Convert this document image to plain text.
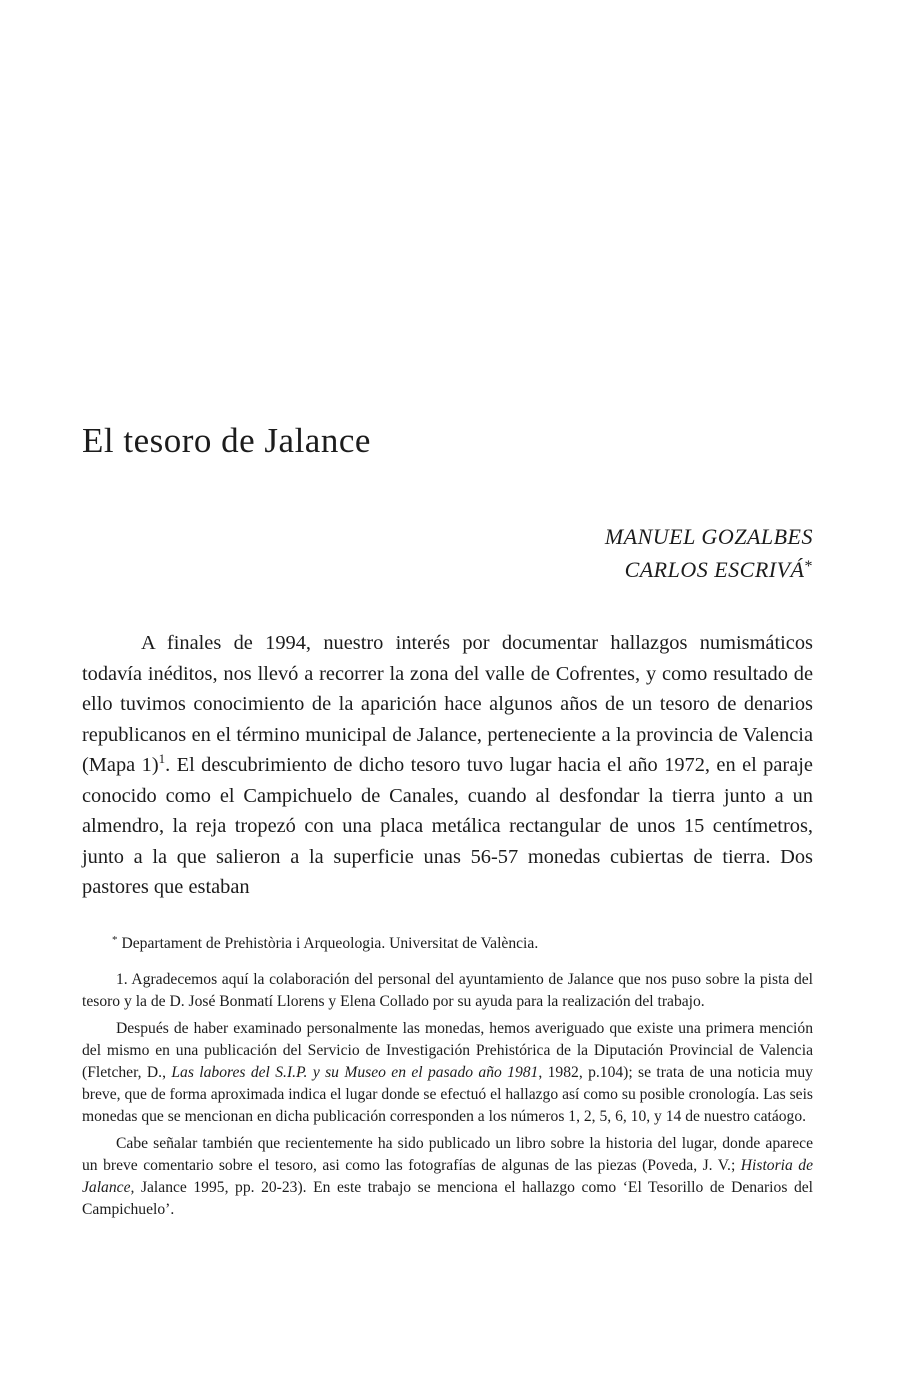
El tesoro de Jalance
MANUEL GOZALBES
CARLOS ESCRIVÁ*

A finales de 1994, nuestro interés por documentar hallazgos numismáticos todavía inéditos, nos llevó a recorrer la zona del valle de Cofrentes, y como resultado de ello tuvimos conocimiento de la aparición hace algunos años de un tesoro de denarios republicanos en el término municipal de Jalance, perteneciente a la provincia de Valencia (Mapa 1)$^1$. El descubrimiento de dicho tesoro tuvo lugar hacia el año 1972, en el paraje conocido como el Campichuelo de Canales, cuando al desfondar la tierra junto a un almendro, la reja tropezó con una placa metálica rectangular de unos 15 centímetros, junto a la que salieron a la superficie unas 56-57 monedas cubiertas de tierra. Dos pastores que estaban

* Departament de Prehistòria i Arqueologia. Universitat de València.

1. Agradecemos aquí la colaboración del personal del ayuntamiento de Jalance que nos puso sobre la pista del tesoro y la de D. José Bonmatí Llorens y Elena Collado por su ayuda para la realización del trabajo.

Después de haber examinado personalmente las monedas, hemos averiguado que existe una primera mención del mismo en una publicación del Servicio de Investigación Prehistórica de la Diputación Provincial de Valencia (Fletcher, D., Las labores del S.I.P. y su Museo en el pasado año 1981, 1982, p.104); se trata de una noticia muy breve, que de forma aproximada indica el lugar donde se efectuó el hallazgo así como su posible cronología. Las seis monedas que se mencionan en dicha publicación corresponden a los números 1, 2, 5, 6, 10, y 14 de nuestro catáogo.

Cabe señalar también que recientemente ha sido publicado un libro sobre la historia del lugar, donde aparece un breve comentario sobre el tesoro, asi como las fotografías de algunas de las piezas (Poveda, J. V.; Historia de Jalance, Jalance 1995, pp. 20-23). En este trabajo se menciona el hallazgo como ‘El Tesorillo de Denarios del Campichuelo’.
